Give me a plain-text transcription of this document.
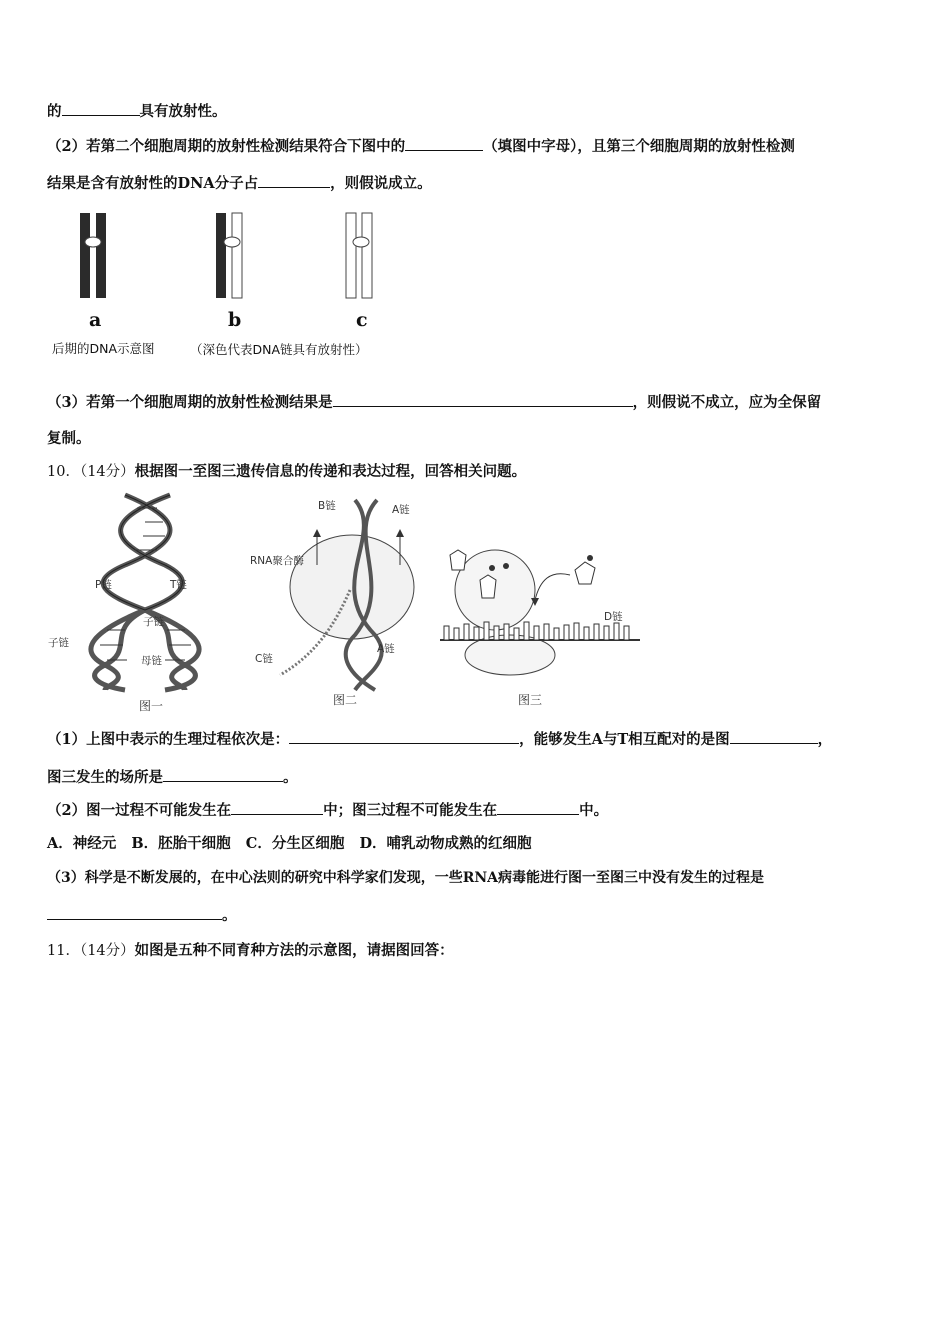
的	具有放射性。
（2）若第二个细胞周期的放射性检测结果符合下图中的	（填图中字母），且第三个细胞周期的放射性检测
结果是含有放射性的DNA分子占	，则假说成立。
a	b	c
后期的DNA示意图	（深色代表DNA链具有放射性）
（3）若第一个细胞周期的放射性检测结果是	，则假说不成立，应为全保留
复制。
10．（14分）根据图一至图三遗传信息的传递和表达过程，回答相关问题。
P链	T链
子链
子链
母链
图一
B链	A链
RNA聚合酶
C链
A链
图二
D链
图三
（1）上图中表示的生理过程依次是：	，能够发生A与T相互配对的是图	，
图三发生的场所是	。
（2）图一过程不可能发生在	中；图三过程不可能发生在	中。
A．神经元   B．胚胎干细胞   C．分生区细胞   D．哺乳动物成熟的红细胞
（3）科学是不断发展的，在中心法则的研究中科学家们发现，一些RNA病毒能进行图一至图三中没有发生的过程是
。
11．（14分）如图是五种不同育种方法的示意图，请据图回答：
